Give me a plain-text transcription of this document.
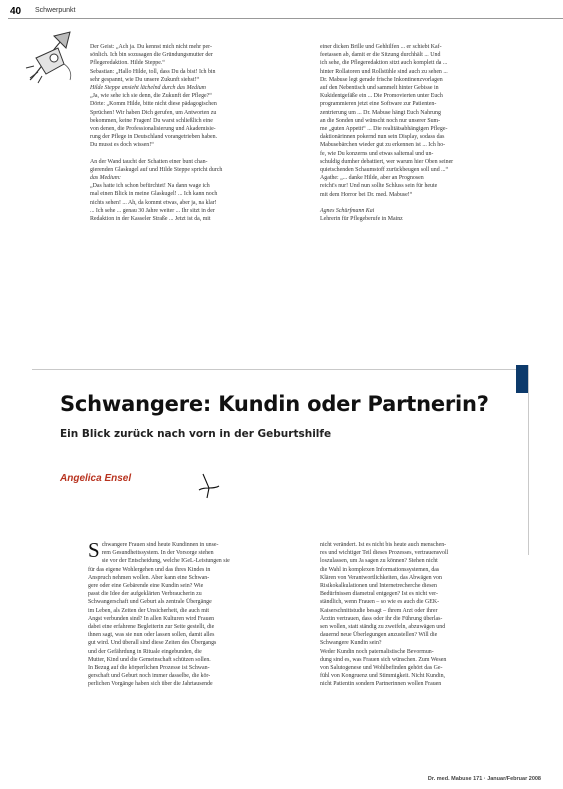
40 Schwerpunkt

Der Geist: „Ach ja. Du kennst mich nicht mehr per-

sönlich. Ich bin sozusagen die Gründungsmutter der

Pflegeredaktion. Hilde Steppe.“

Sebastian: „Hallo Hilde, toll, dass Du da bist! Ich bin

sehr gespannt, wie Du unsere Zukunft siehst!“

Hilde Steppe ansieht lächelnd durch das Medium

„Ja, wie sehe ich sie denn, die Zukunft der Pflege?“

Dörte: „Komm Hilde, bitte nicht diese pädagogischen

Sprüchen! Wir haben Dich gerufen, um Antworten zu

bekommen, keine Fragen! Du warst schließlich eine

von denen, die Professionalisierung und Akademisie-

rung der Pflege in Deutschland vorangetrieben haben.

Du musst es doch wissen!“

An der Wand taucht der Schatten einer bunt chan-

gierenden Glaskugel auf und Hilde Steppe spricht durch

das Medium:

„Das hatte ich schon befürchtet! Na dann wage ich

mal einen Blick in meine Glaskugel! ... Ich kann noch

nichts sehen! ... Ah, da kommt etwas, aber ja, na klar!

... Ich sehe ... genau 30 Jahre weiter ... Ihr sitzt in der

Redaktion in der Kasseler Straße ... Jetzt ist da, mit

einer dicken Brille und Gehhilfen ... er schiebt Kaf-

feetassen ab, damit er die Sitzung durchhält ... Und

ich sehe, die Pflegeredaktion sitzt auch komplett da ...

hinter Rollatoren und Rollstühle sind auch zu sehen ...

Dr. Mabuse legt gerade frische Inkontinenzvorlagen

auf den Nebentisch und sammelt hinter Gebisse in

Kukidentgefäße ein ... Die Promovierten unter Euch

programmieren jetzt eine Software zur Patienten-

zentrierung um ... Dr. Mabuse hängt Euch Nahrung

an die Sonden und wünscht noch nur unserer Sum-

me „guten Appetit“ ... Die realitätsabhängigen Pflege-

daktionärinnen pokernd nun sein Display, sodass das

Mabusebärchen wieder gut zu erkennen ist ... Ich ho-

fe, wie Du konzerns und etwas saltemal und un-

schuldig dumher debattiert, wer warum hier Oben seiner

quietschenden Schaumstoff zurückbeugen soll und ...“

Agathe: „... danke Hilde, aber an Prognosen

reicht's nur! Und nun sollte Schluss sein für heute

mit dem Horror bei Dr. med. Mabuse!“

Agnes Schürfmann Kai

Lehrerin für Pflegeberufe in Mainz

Schwangere: Kundin oder Partnerin?
Ein Blick zurück nach vorn in der Geburtshilfe
Angelica Ensel
S chwangere Frauen sind heute Kundinnen in unse-

rem Gesundheitssystem. In der Vorsorge stehen

sie vor der Entscheidung, welche IGeL-Leistungen sie

für das eigene Wohlergehen und das ihres Kindes in

Anspruch nehmen wollen. Aber kann eine Schwan-

gere oder eine Gebärende eine Kundin sein? Wie

passt die Idee der aufgeklärten Verbraucherin zu

Schwangerschaft und Geburt als zentrale Übergänge

im Leben, als Zeiten der Unsicherheit, die auch mit

Angst verbunden sind? In allen Kulturen wird Frauen

dabei eine erfahrene Begleiterin zur Seite gestellt, die

ihnen sagt, was sie nun oder lassen sollen, damit alles

gut wird. Und überall sind diese Zeiten des Übergangs

und der Gefährdung in Rituale eingebunden, die

Mutter, Kind und die Gemeinschaft schützen sollen.

In Bezug auf die körperlichen Prozesse ist Schwan-

gerschaft und Geburt noch immer dasselbe, die kör-

perlichen Vorgänge haben sich über die Jahrtausende

nicht verändert. Ist es nicht bis heute auch menschen-

res und wichtiger Teil dieses Prozesses, vertrauensvoll

loszulassen, um Ja sagen zu können? Stehen nicht

die Wahl in komplexen Informationssystemen, das

Klären von Verantwortlichkeiten, das Abwägen von

Risikokalkulationen und Internetrecherche diesen

Bedürfnissen diametral entgegen? Ist es nicht ver-

ständlich, wenn Frauen – so wie es auch die GEK-

Kaiserschnittstudie besagt – ihrem Arzt oder ihrer

Ärztin vertrauen, dass oder ihr die Führung überlas-

sen wollen, statt ständig zu zweifeln, abzuwägen und

dauernd neue Überlegungen anzustellen? Will die

Schwangere Kundin sein?

Weder Kundin noch paternalistische Bevormun-

dung sind es, was Frauen sich wünschen. Zum Wesen

von Salutogenese und Wohlbefinden gehört das Ge-

fühl von Kongruenz und Stimmigkeit. Nicht Kundin,

nicht Patientin sondern Partnerinnen wollen Frauen

Dr. med. Mabuse 171 · Januar/Februar 2008
